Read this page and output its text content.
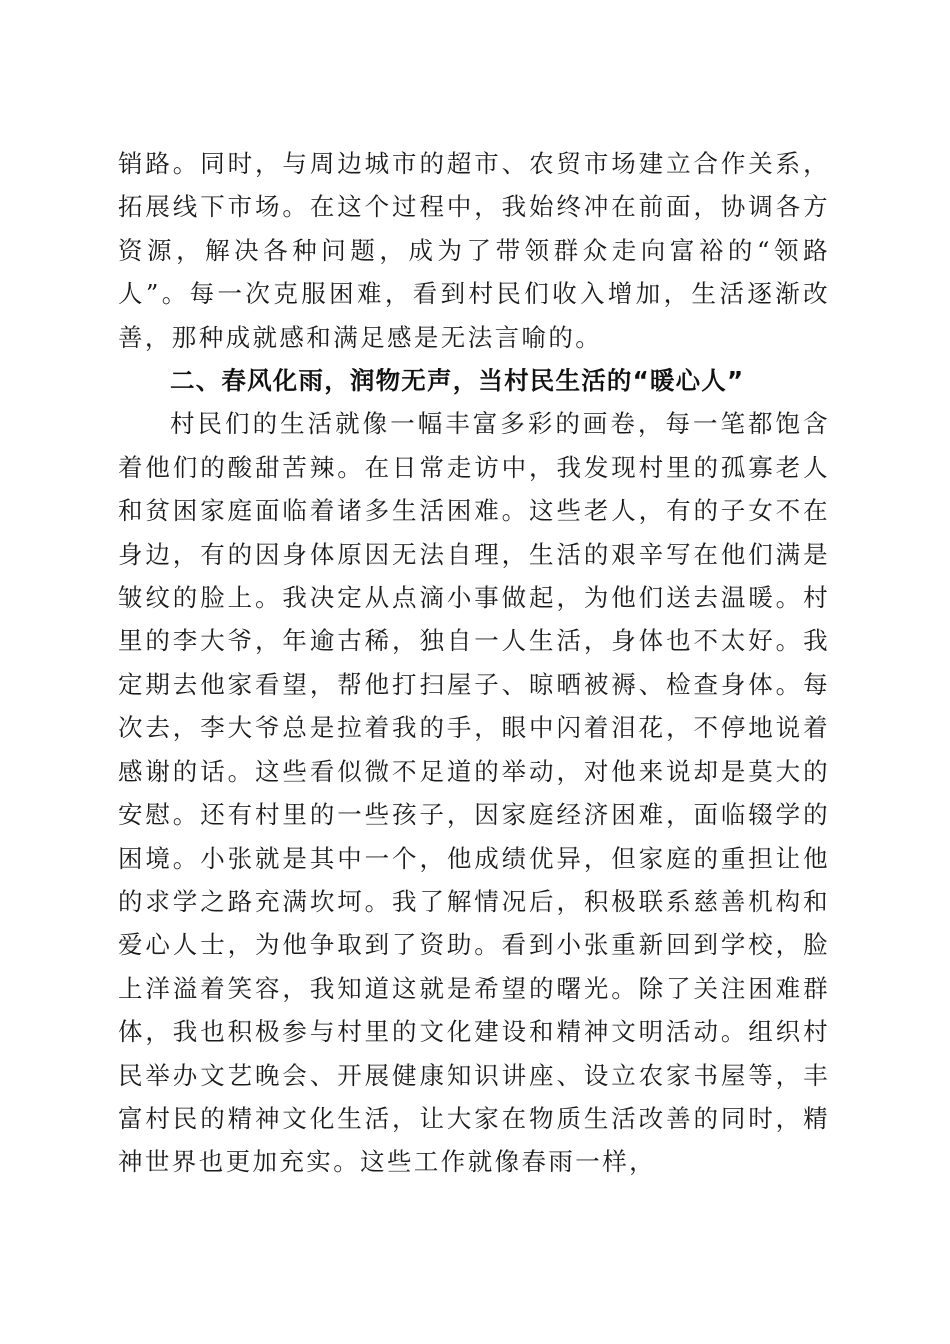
销路。同时，与周边城市的超市、农贸市场建立合作关系，拓展线下市场。在这个过程中，我始终冲在前面，协调各方资源，解决各种问题，成为了带领群众走向富裕的“领路人”。每一次克服困难，看到村民们收入增加，生活逐渐改善，那种成就感和满足感是无法言喻的。

二、春风化雨，润物无声，当村民生活的“暖心人”

村民们的生活就像一幅丰富多彩的画卷，每一笔都饱含着他们的酸甜苦辣。在日常走访中，我发现村里的孤寡老人和贫困家庭面临着诸多生活困难。这些老人，有的子女不在身边，有的因身体原因无法自理，生活的艰辛写在他们满是皱纹的脸上。我决定从点滴小事做起，为他们送去温暖。村里的李大爷，年逾古稀，独自一人生活，身体也不太好。我定期去他家看望，帮他打扫屋子、晾晒被褥、检查身体。每次去，李大爷总是拉着我的手，眼中闪着泪花，不停地说着感谢的话。这些看似微不足道的举动，对他来说却是莫大的安慰。还有村里的一些孩子，因家庭经济困难，面临辍学的困境。小张就是其中一个，他成绩优异，但家庭的重担让他的求学之路充满坎坷。我了解情况后，积极联系慈善机构和爱心人士，为他争取到了资助。看到小张重新回到学校，脸上洋溢着笑容，我知道这就是希望的曙光。除了关注困难群体，我也积极参与村里的文化建设和精神文明活动。组织村民举办文艺晚会、开展健康知识讲座、设立农家书屋等，丰富村民的精神文化生活，让大家在物质生活改善的同时，精神世界也更加充实。这些工作就像春雨一样，
